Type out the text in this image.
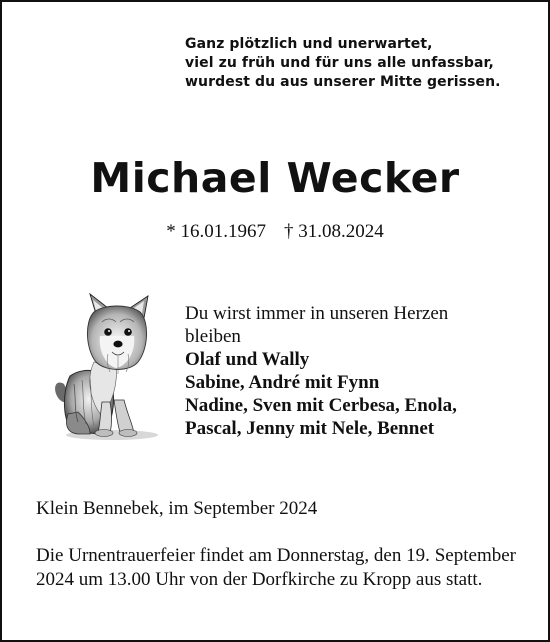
Ganz plötzlich und unerwartet,
viel zu früh und für uns alle unfassbar,
wurdest du aus unserer Mitte gerissen.
Michael Wecker
* 16.01.1967 † 31.08.2024
Du wirst immer in unseren Herzen
bleiben
Olaf und Wally
Sabine, André mit Fynn
Nadine, Sven mit Cerbesa, Enola,
Pascal, Jenny mit Nele, Bennet
Klein Bennebek, im September 2024
Die Urnentrauerfeier findet am Donnerstag, den 19. September 2024 um 13.00 Uhr von der Dorfkirche zu Kropp aus statt.
